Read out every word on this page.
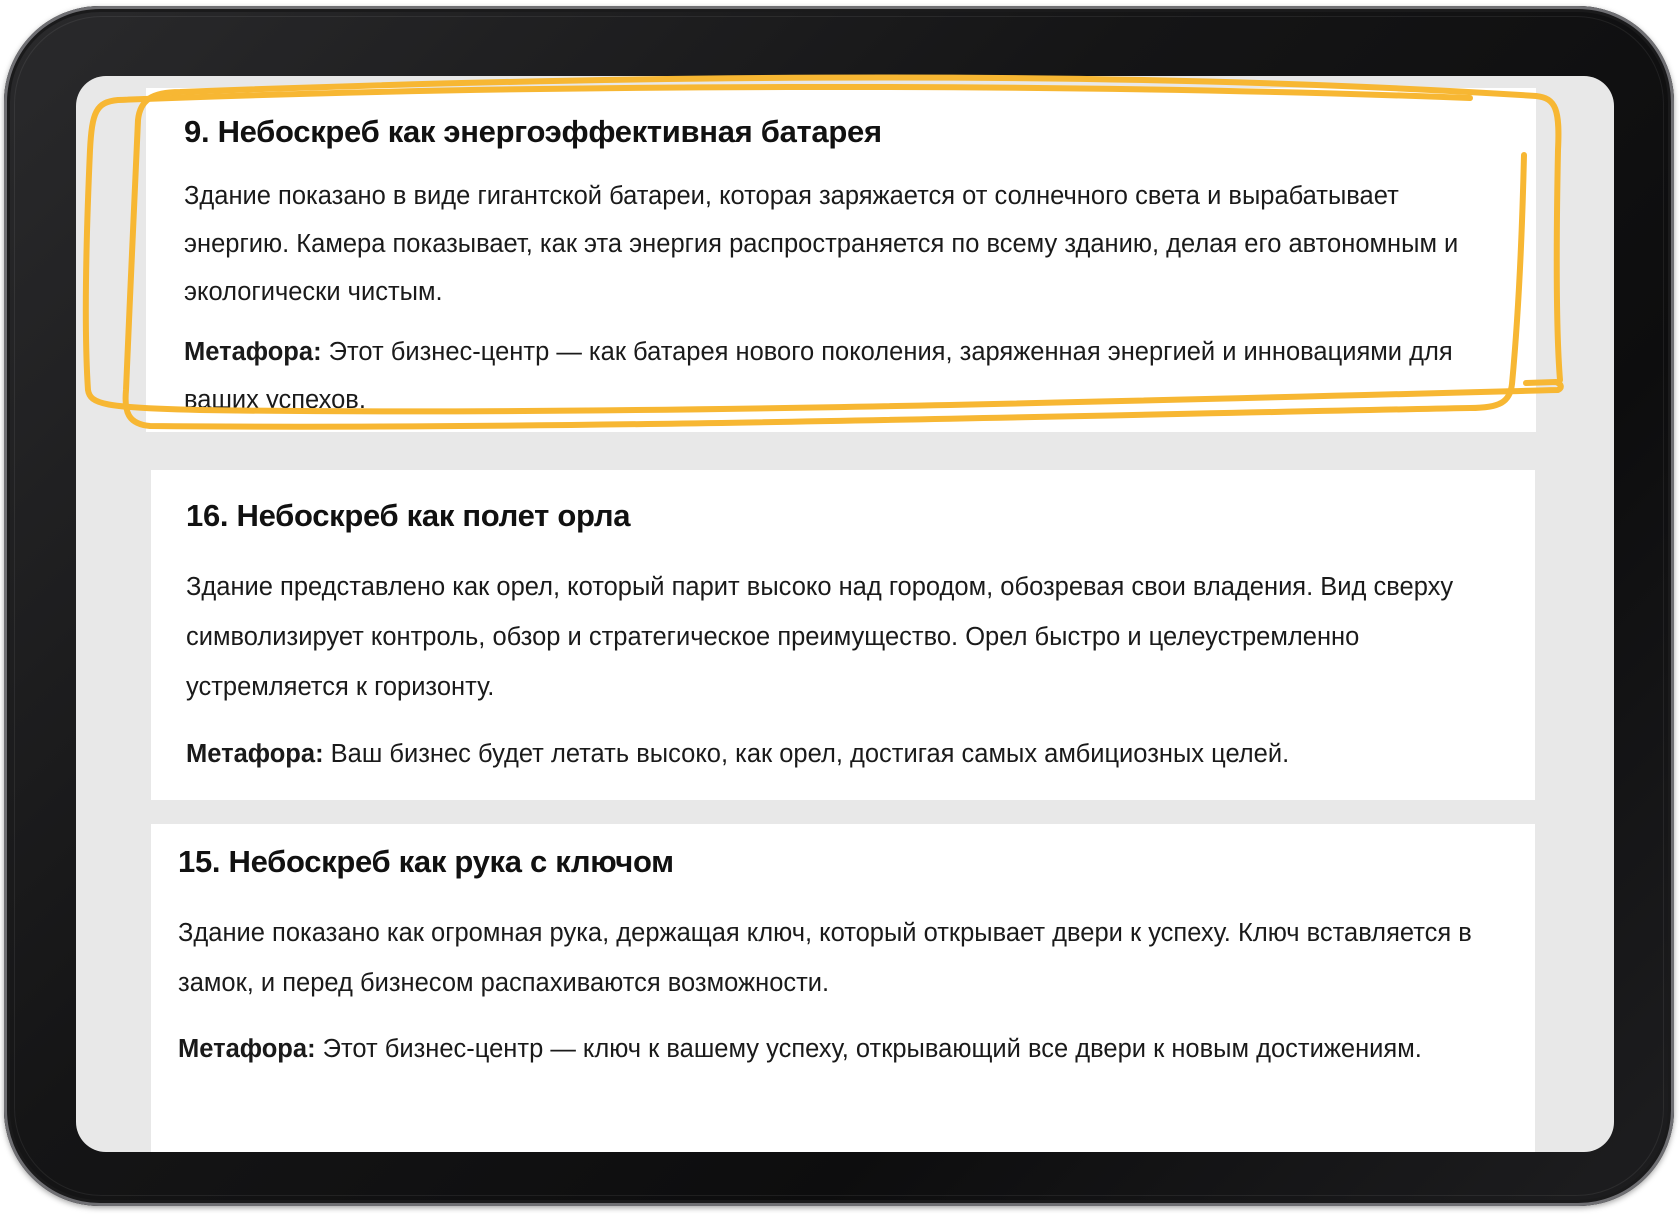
9. Небоскреб как энергоэффективная батарея

Здание показано в виде гигантской батареи, которая заряжается от солнечного света и вырабатывает энергию. Камера показывает, как эта энергия распространяется по всему зданию, делая его автономным и экологически чистым.

Метафора: Этот бизнес-центр — как батарея нового поколения, заряженная энергией и инновациями для ваших успехов.

16. Небоскреб как полет орла

Здание представлено как орел, который парит высоко над городом, обозревая свои владения. Вид сверху символизирует контроль, обзор и стратегическое преимущество. Орел быстро и целеустремленно устремляется к горизонту.

Метафора: Ваш бизнес будет летать высоко, как орел, достигая самых амбициозных целей.

15. Небоскреб как рука с ключом

Здание показано как огромная рука, держащая ключ, который открывает двери к успеху. Ключ вставляется в замок, и перед бизнесом распахиваются возможности.

Метафора: Этот бизнес-центр — ключ к вашему успеху, открывающий все двери к новым достижениям.
